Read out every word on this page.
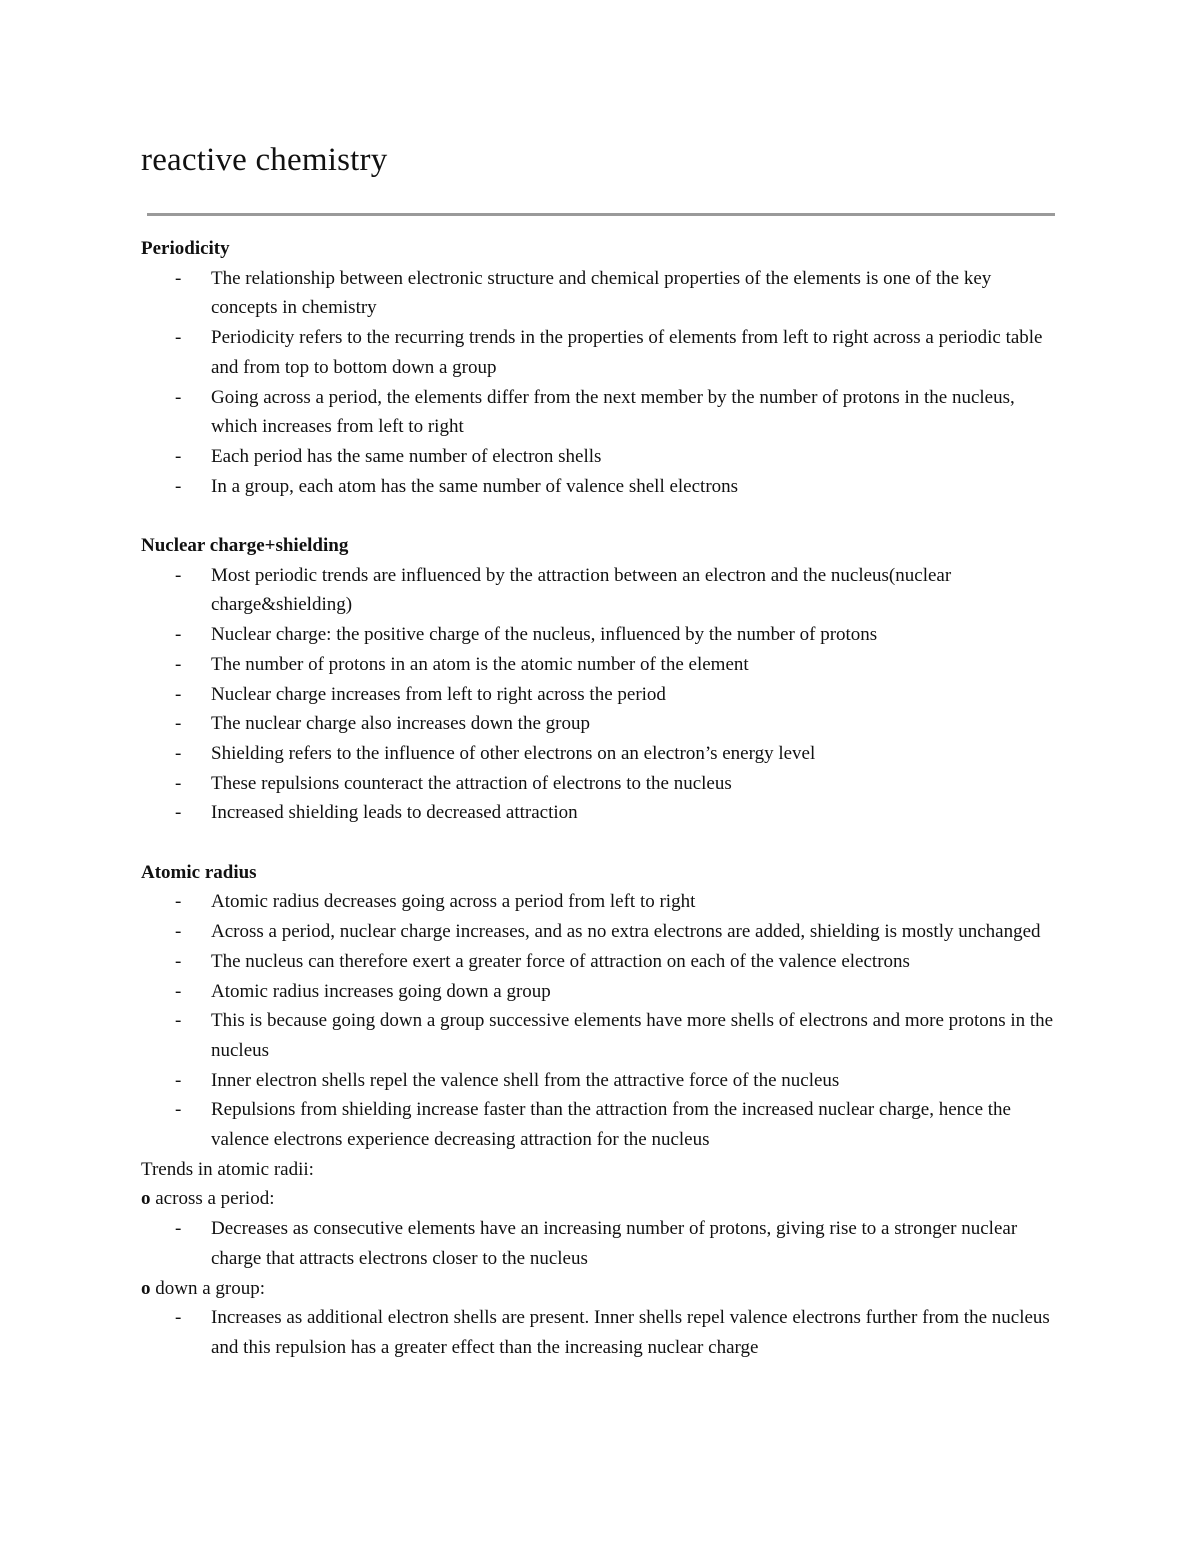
reactive chemistry

Periodicity

- The relationship between electronic structure and chemical properties of the elements is one of the key concepts in chemistry
- Periodicity refers to the recurring trends in the properties of elements from left to right across a periodic table and from top to bottom down a group
- Going across a period, the elements differ from the next member by the number of protons in the nucleus, which increases from left to right
- Each period has the same number of electron shells
- In a group, each atom has the same number of valence shell electrons

Nuclear charge+shielding

- Most periodic trends are influenced by the attraction between an electron and the nucleus(nuclear charge&shielding)
- Nuclear charge: the positive charge of the nucleus, influenced by the number of protons
- The number of protons in an atom is the atomic number of the element
- Nuclear charge increases from left to right across the period
- The nuclear charge also increases down the group
- Shielding refers to the influence of other electrons on an electron’s energy level
- These repulsions counteract the attraction of electrons to the nucleus
- Increased shielding leads to decreased attraction

Atomic radius

- Atomic radius decreases going across a period from left to right
- Across a period, nuclear charge increases, and as no extra electrons are added, shielding is mostly unchanged
- The nucleus can therefore exert a greater force of attraction on each of the valence electrons
- Atomic radius increases going down a group
- This is because going down a group successive elements have more shells of electrons and more protons in the nucleus
- Inner electron shells repel the valence shell from the attractive force of the nucleus
- Repulsions from shielding increase faster than the attraction from the increased nuclear charge, hence the valence electrons experience decreasing attraction for the nucleus

Trends in atomic radii:

o across a period:

- Decreases as consecutive elements have an increasing number of protons, giving rise to a stronger nuclear charge that attracts electrons closer to the nucleus

o down a group:

- Increases as additional electron shells are present. Inner shells repel valence electrons further from the nucleus and this repulsion has a greater effect than the increasing nuclear charge
